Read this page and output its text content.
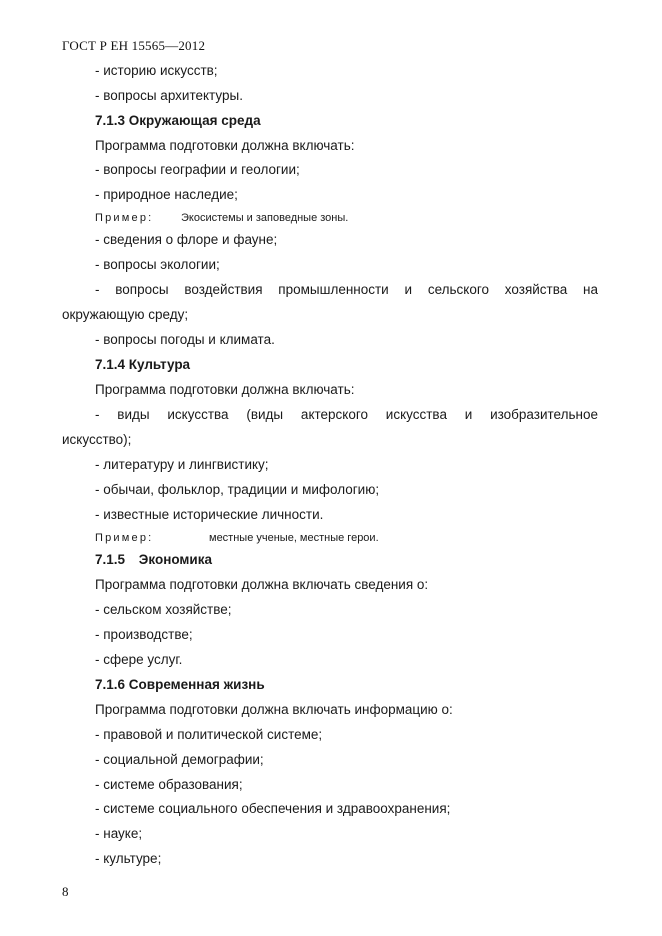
ГОСТ Р ЕН 15565—2012
- историю искусств;
- вопросы архитектуры.
7.1.3 Окружающая среда
Программа подготовки должна включать:
- вопросы географии и геологии;
- природное наследие;
Пример:	Экосистемы и заповедные зоны.
- сведения о флоре и фауне;
- вопросы экологии;
- вопросы воздействия промышленности и сельского хозяйства на
окружающую среду;
- вопросы погоды и климата.
7.1.4 Культура
Программа подготовки должна включать:
- виды искусства (виды актерского искусства и изобразительное
искусство);
- литературу и лингвистику;
- обычаи, фольклор, традиции и мифологию;
- известные исторические личности.
Пример:	местные ученые, местные герои.
7.1.5 Экономика
Программа подготовки должна включать сведения о:
- сельском хозяйстве;
- производстве;
- сфере услуг.
7.1.6 Современная жизнь
Программа подготовки должна включать информацию о:
- правовой и политической системе;
- социальной демографии;
- системе образования;
- системе социального обеспечения и здравоохранения;
- науке;
- культуре;
8
